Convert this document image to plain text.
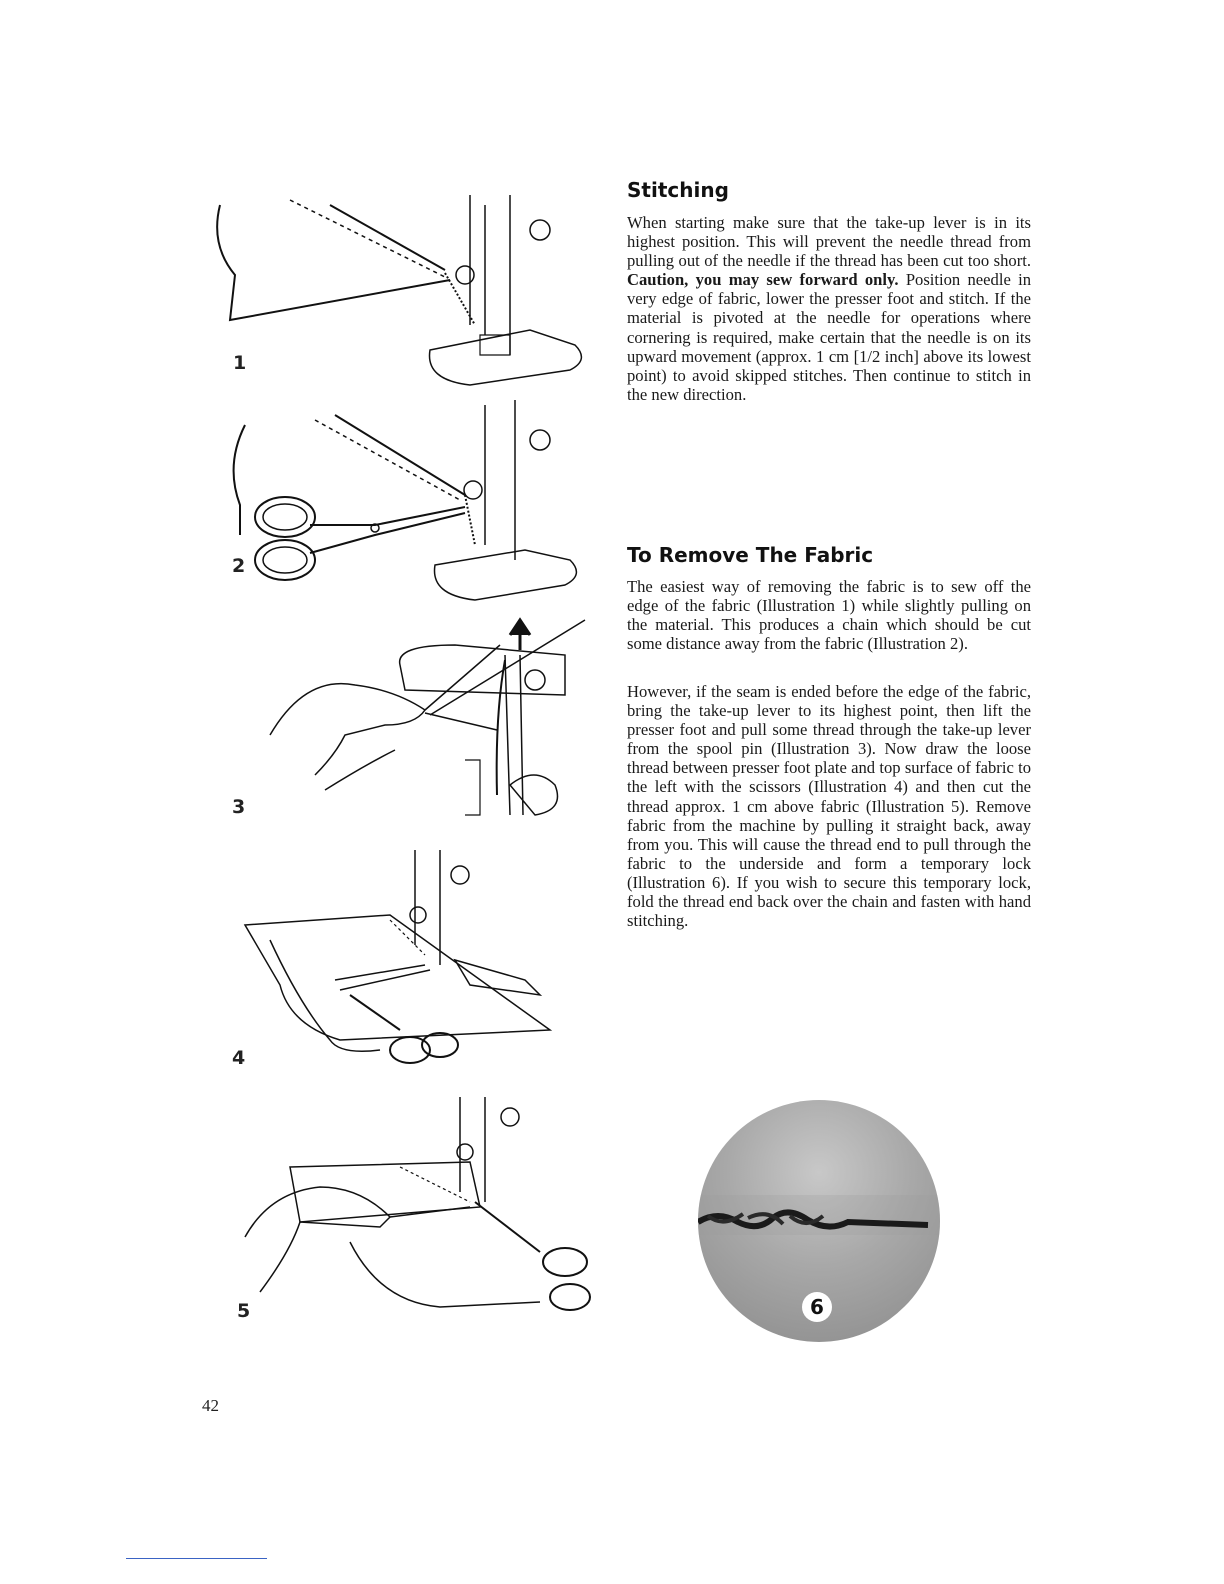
1
2
3
4
5
Stitching

When starting make sure that the take-up lever is in its highest position. This will prevent the needle thread from pulling out of the needle if the thread has been cut too short. Caution, you may sew forward only. Position needle in very edge of fabric, lower the presser foot and stitch. If the material is pivoted at the needle for operations where cornering is required, make certain that the needle is on its upward movement (approx. 1 cm [1/2 inch] above its lowest point) to avoid skipped stitches. Then continue to stitch in the new direction.

To Remove The Fabric

The easiest way of removing the fabric is to sew off the edge of the fabric (Illustration 1) while slightly pulling on the material. This produces a chain which should be cut some distance away from the fabric (Illustration 2).

However, if the seam is ended before the edge of the fabric, bring the take-up lever to its highest point, then lift the presser foot and pull some thread through the take-up lever from the spool pin (Illustration 3). Now draw the loose thread between presser foot plate and top surface of fabric to the left with the scissors (Illustration 4) and then cut the thread approx. 1 cm above fabric (Illustration 5). Remove fabric from the machine by pulling it straight back, away from you. This will cause the thread end to pull through the fabric to the underside and form a temporary lock (Illustration 6). If you wish to secure this temporary lock, fold the thread end back over the chain and fasten with hand stitching.

6
42
